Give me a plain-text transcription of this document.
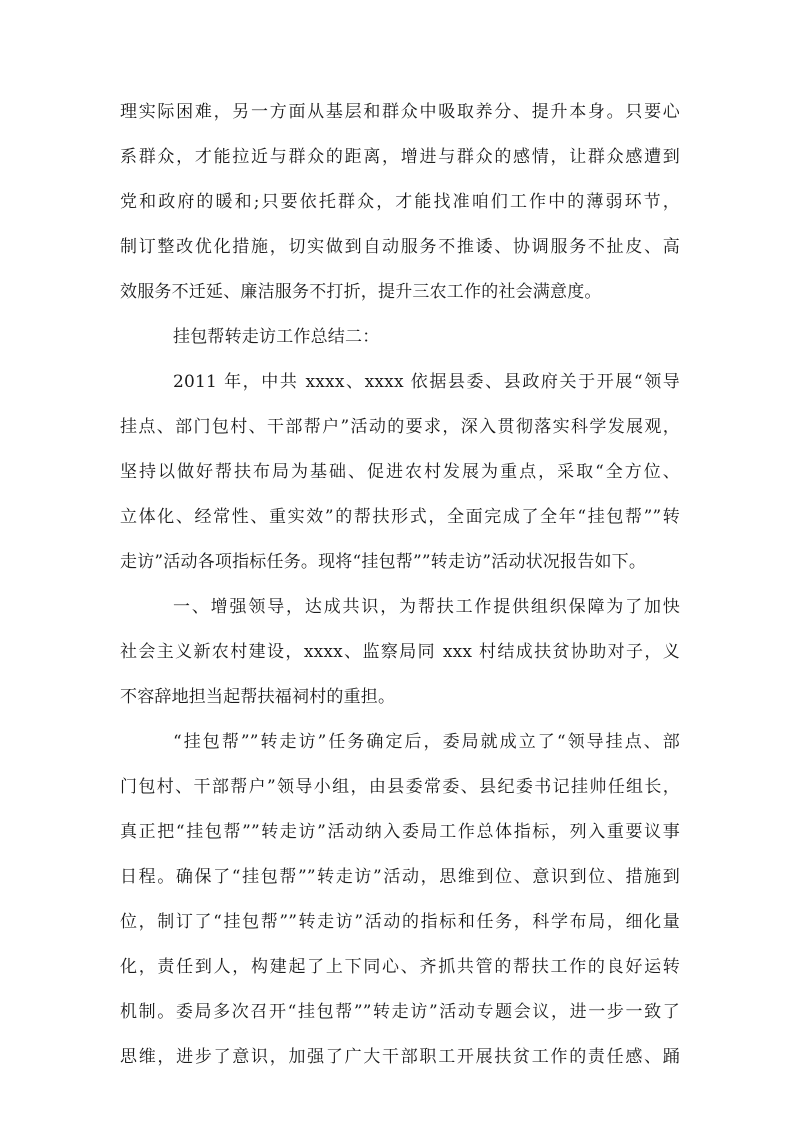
理实际困难，另一方面从基层和群众中吸取养分、提升本身。只要心
系群众，才能拉近与群众的距离，增进与群众的感情，让群众感遭到
党和政府的暖和;只要依托群众，才能找准咱们工作中的薄弱环节，
制订整改优化措施，切实做到自动服务不推诿、协调服务不扯皮、高
效服务不迁延、廉洁服务不打折，提升三农工作的社会满意度。
挂包帮转走访工作总结二：
2011 年，中共 xxxx、xxxx 依据县委、县政府关于开展“领导
挂点、部门包村、干部帮户”活动的要求，深入贯彻落实科学发展观，
坚持以做好帮扶布局为基础、促进农村发展为重点，采取“全方位、
立体化、经常性、重实效”的帮扶形式，全面完成了全年“挂包帮””转
走访”活动各项指标任务。现将“挂包帮””转走访”活动状况报告如下。
一、增强领导，达成共识，为帮扶工作提供组织保障为了加快
社会主义新农村建设，xxxx、监察局同 xxx 村结成扶贫协助对子，义
不容辞地担当起帮扶福祠村的重担。
“挂包帮””转走访”任务确定后，委局就成立了“领导挂点、部
门包村、干部帮户”领导小组，由县委常委、县纪委书记挂帅任组长，
真正把“挂包帮””转走访”活动纳入委局工作总体指标，列入重要议事
日程。确保了“挂包帮””转走访”活动，思维到位、意识到位、措施到
位，制订了“挂包帮””转走访”活动的指标和任务，科学布局，细化量
化，责任到人，构建起了上下同心、齐抓共管的帮扶工作的良好运转
机制。委局多次召开“挂包帮””转走访”活动专题会议，进一步一致了
思维，进步了意识，加强了广大干部职工开展扶贫工作的责任感、踊
